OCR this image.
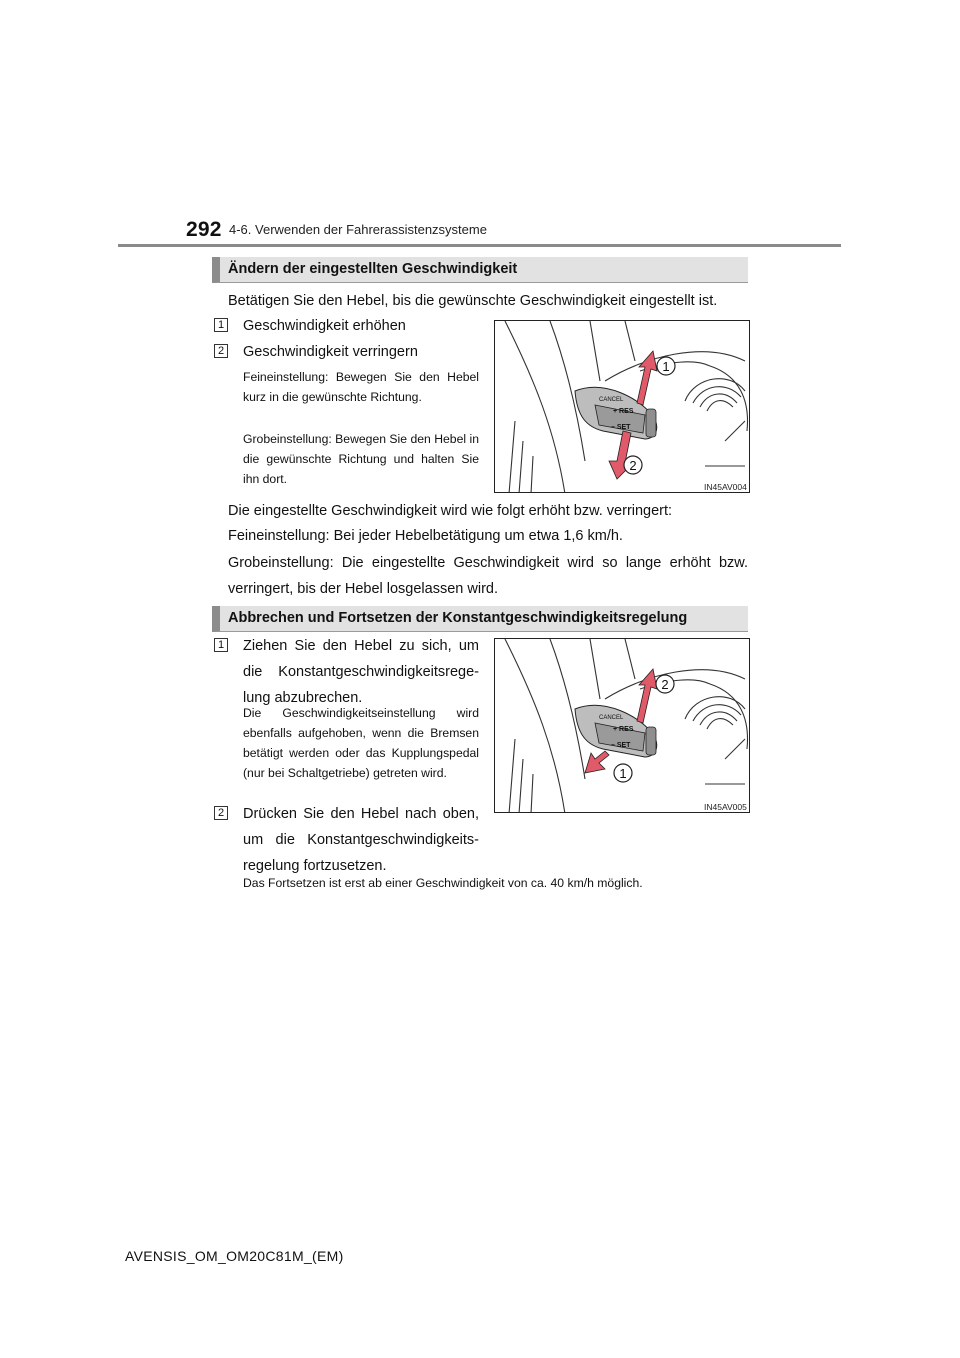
292 4-6. Verwenden der Fahrerassistenzsysteme
Ändern der eingestellten Geschwindigkeit
Betätigen Sie den Hebel, bis die gewünschte Geschwindigkeit eingestellt ist.
1 Geschwindigkeit erhöhen
2 Geschwindigkeit verringern
Feineinstellung: Bewegen Sie den Hebel kurz in die gewünschte Richtung.
Grobeinstellung: Bewegen Sie den Hebel in die gewünschte Richtung und halten Sie ihn dort.
CANCEL
+ RES
– SET
1
2
IN45AV004
Die eingestellte Geschwindigkeit wird wie folgt erhöht bzw. verringert:
Feineinstellung: Bei jeder Hebelbetätigung um etwa 1,6 km/h.
Grobeinstellung: Die eingestellte Geschwindigkeit wird so lange erhöht bzw. verringert, bis der Hebel losgelassen wird.
Abbrechen und Fortsetzen der Konstantgeschwindigkeitsregelung
1 Ziehen Sie den Hebel zu sich, um die Konstantgeschwindigkeitsregelung abzubrechen.
Die Geschwindigkeitseinstellung wird ebenfalls aufgehoben, wenn die Bremsen betätigt werden oder das Kupplungspedal (nur bei Schaltgetriebe) getreten wird.
2 Drücken Sie den Hebel nach oben, um die Konstantgeschwindigkeitsregelung fortzusetzen.
Das Fortsetzen ist erst ab einer Geschwindigkeit von ca. 40 km/h möglich.
CANCEL
+ RES
– SET
2
1
IN45AV005
AVENSIS_OM_OM20C81M_(EM)
